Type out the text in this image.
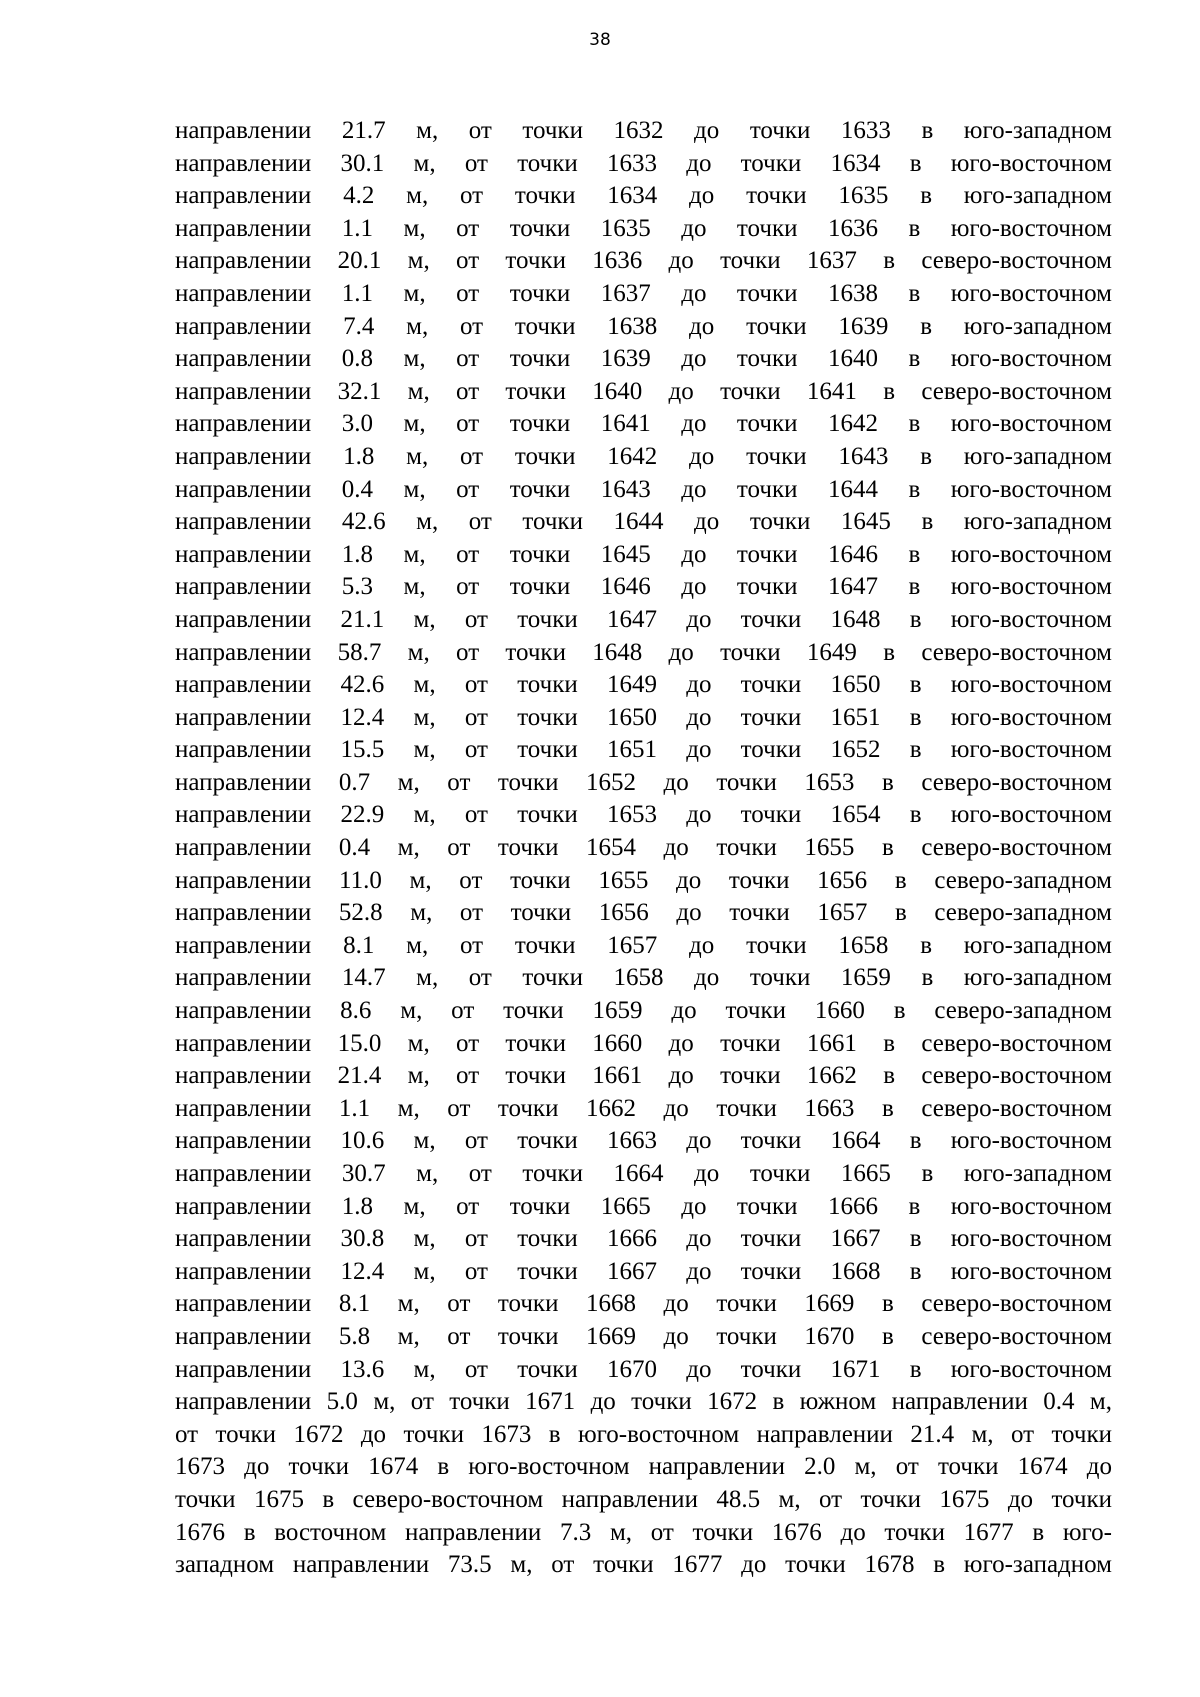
38
направлении 21.7 м, от точки 1632 до точки 1633 в юго-западном
направлении 30.1 м, от точки 1633 до точки 1634 в юго-восточном
направлении 4.2 м, от точки 1634 до точки 1635 в юго-западном
направлении 1.1 м, от точки 1635 до точки 1636 в юго-восточном
направлении 20.1 м, от точки 1636 до точки 1637 в северо-восточном
направлении 1.1 м, от точки 1637 до точки 1638 в юго-восточном
направлении 7.4 м, от точки 1638 до точки 1639 в юго-западном
направлении 0.8 м, от точки 1639 до точки 1640 в юго-восточном
направлении 32.1 м, от точки 1640 до точки 1641 в северо-восточном
направлении 3.0 м, от точки 1641 до точки 1642 в юго-восточном
направлении 1.8 м, от точки 1642 до точки 1643 в юго-западном
направлении 0.4 м, от точки 1643 до точки 1644 в юго-восточном
направлении 42.6 м, от точки 1644 до точки 1645 в юго-западном
направлении 1.8 м, от точки 1645 до точки 1646 в юго-восточном
направлении 5.3 м, от точки 1646 до точки 1647 в юго-восточном
направлении 21.1 м, от точки 1647 до точки 1648 в юго-восточном
направлении 58.7 м, от точки 1648 до точки 1649 в северо-восточном
направлении 42.6 м, от точки 1649 до точки 1650 в юго-восточном
направлении 12.4 м, от точки 1650 до точки 1651 в юго-восточном
направлении 15.5 м, от точки 1651 до точки 1652 в юго-восточном
направлении 0.7 м, от точки 1652 до точки 1653 в северо-восточном
направлении 22.9 м, от точки 1653 до точки 1654 в юго-восточном
направлении 0.4 м, от точки 1654 до точки 1655 в северо-восточном
направлении 11.0 м, от точки 1655 до точки 1656 в северо-западном
направлении 52.8 м, от точки 1656 до точки 1657 в северо-западном
направлении 8.1 м, от точки 1657 до точки 1658 в юго-западном
направлении 14.7 м, от точки 1658 до точки 1659 в юго-западном
направлении 8.6 м, от точки 1659 до точки 1660 в северо-западном
направлении 15.0 м, от точки 1660 до точки 1661 в северо-восточном
направлении 21.4 м, от точки 1661 до точки 1662 в северо-восточном
направлении 1.1 м, от точки 1662 до точки 1663 в северо-восточном
направлении 10.6 м, от точки 1663 до точки 1664 в юго-восточном
направлении 30.7 м, от точки 1664 до точки 1665 в юго-западном
направлении 1.8 м, от точки 1665 до точки 1666 в юго-восточном
направлении 30.8 м, от точки 1666 до точки 1667 в юго-восточном
направлении 12.4 м, от точки 1667 до точки 1668 в юго-восточном
направлении 8.1 м, от точки 1668 до точки 1669 в северо-восточном
направлении 5.8 м, от точки 1669 до точки 1670 в северо-восточном
направлении 13.6 м, от точки 1670 до точки 1671 в юго-восточном
направлении 5.0 м, от точки 1671 до точки 1672 в южном направлении 0.4 м,
от точки 1672 до точки 1673 в юго-восточном направлении 21.4 м, от точки
1673 до точки 1674 в юго-восточном направлении 2.0 м, от точки 1674 до
точки 1675 в северо-восточном направлении 48.5 м, от точки 1675 до точки
1676 в восточном направлении 7.3 м, от точки 1676 до точки 1677 в юго-
западном направлении 73.5 м, от точки 1677 до точки 1678 в юго-западном
